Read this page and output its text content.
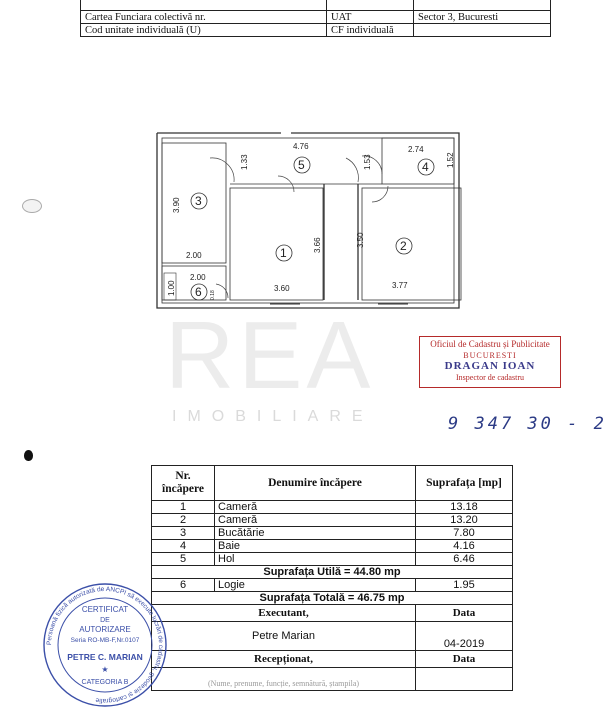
Cartea Funciara colectivă nr.	UAT	Sector 3, Bucuresti
Cod unitate individuală (U)	CF individuală	
4.76
1.33	1.53
2.74
1.52
3.90
3.66	3.50
2.00
2.00
1.00	0.18
3.60	3.77
1	2
3
4
5
6
REA
IMOBILIARE
Oficiul de Cadastru și Publicitate
BUCURESTI
DRAGAN IOAN
Inspector de cadastru
9 347 30 - 2
Nr. încăpere	Denumire încăpere	Suprafața [mp]
1	Cameră	13.18
2	Cameră	13.20
3	Bucătărie	7.80
4	Baie	4.16
5	Hol	6.46
Suprafața Utilă = 44.80 mp		
6	Logie	1.95
Suprafața Totală = 46.75 mp		
Executant,		Data
Petre Marian		04-2019
Recepționat,		Data
(Nume, prenume, funcție, semnătură, ștampila)		
Persoană fizică autorizată de ANCPI să execute lucrări de cadastru, geodezie și cartografie
CERTIFICAT
DE
AUTORIZARE
Seria RO-MB-F,Nr.0107
PETRE C. MARIAN
★
CATEGORIA B
